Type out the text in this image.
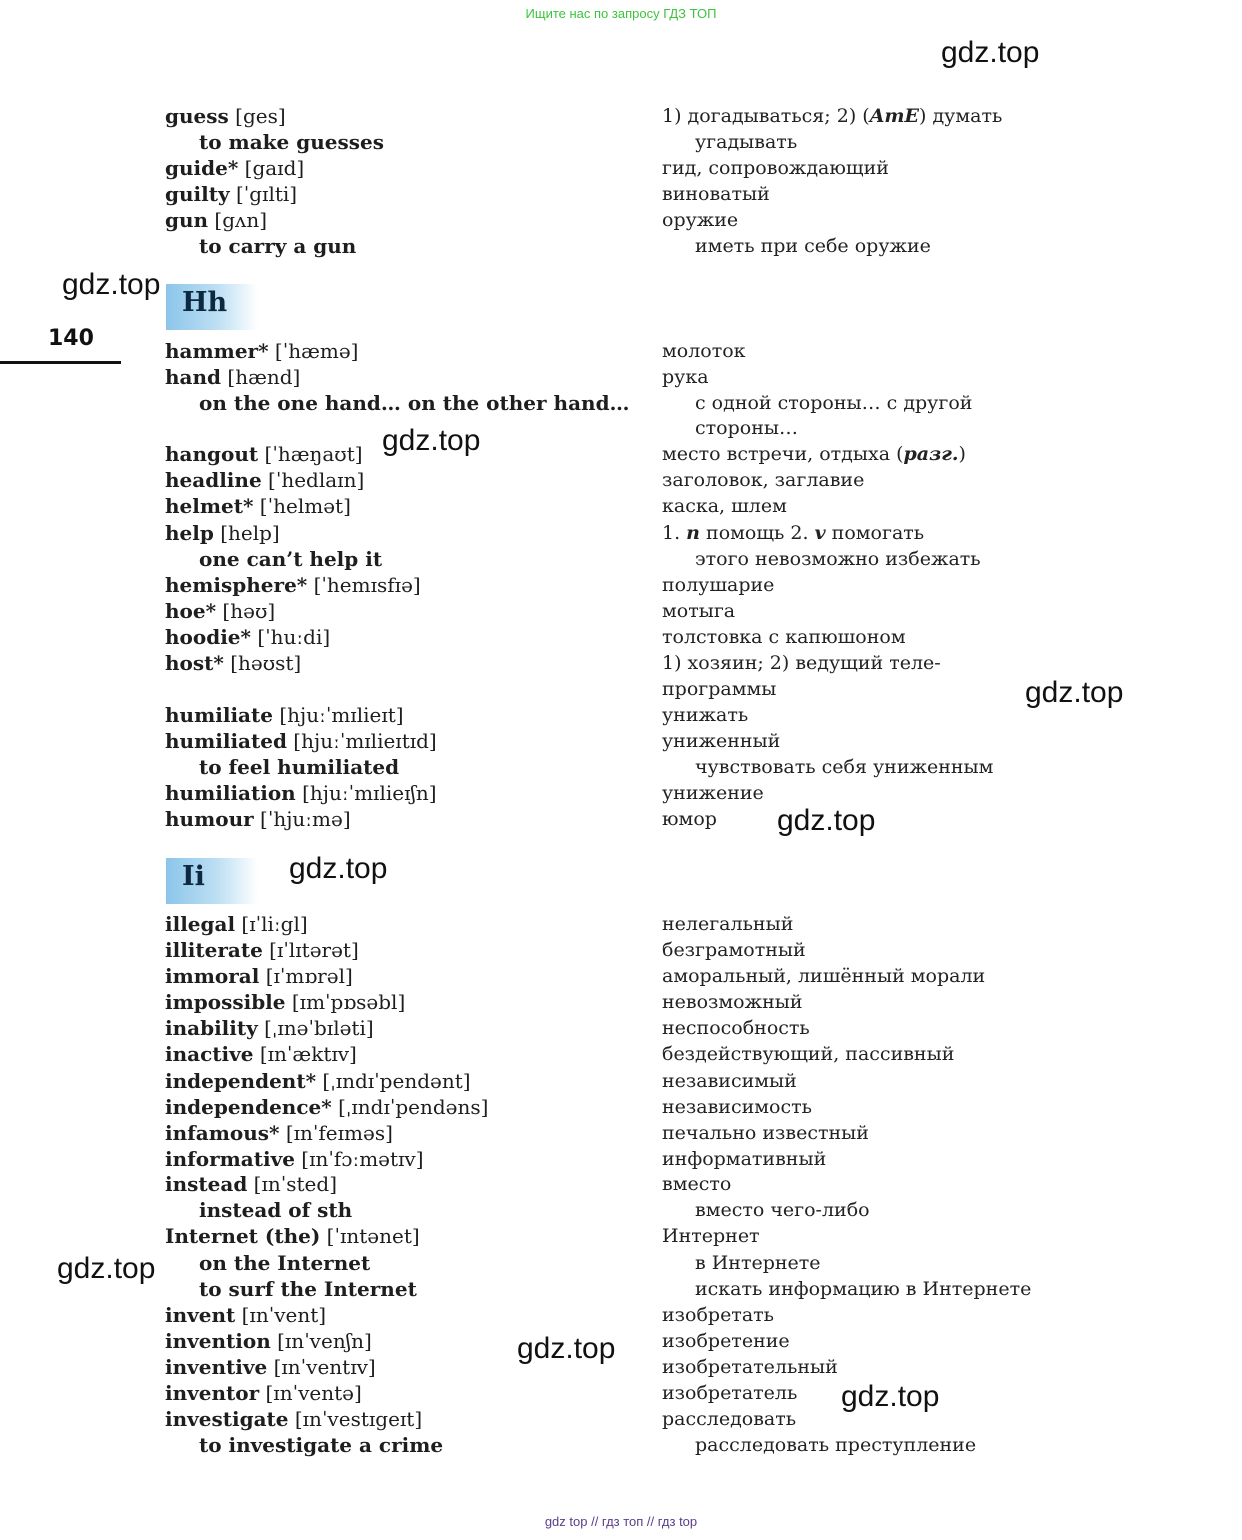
Ищите нас по запросу ГДЗ ТОП
140
Hh
Ii
guess [ges]
to make guesses
guide* [gaɪd]
guilty [ˈgɪlti]
gun [gʌn]
to carry a gun
hammer* [ˈhæmə]
hand [hænd]
on the one hand… on the other hand…
hangout [ˈhæŋaʊt]
headline [ˈhedlaɪn]
helmet* [ˈhelmət]
help [help]
one can’t help it
hemisphere* [ˈhemɪsfɪə]
hoe* [həʊ]
hoodie* [ˈhuːdi]
host* [həʊst]
humiliate [hjuːˈmɪlieɪt]
humiliated [hjuːˈmɪlieɪtɪd]
to feel humiliated
humiliation [hjuːˈmɪlieɪʃn]
humour [ˈhjuːmə]
illegal [ɪˈliːgl]
illiterate [ɪˈlɪtərət]
immoral [ɪˈmɒrəl]
impossible [ɪmˈpɒsəbl]
inability [ˌɪnəˈbɪləti]
inactive [ɪnˈæktɪv]
independent* [ˌɪndɪˈpendənt]
independence* [ˌɪndɪˈpendəns]
infamous* [ɪnˈfeɪməs]
informative [ɪnˈfɔːmətɪv]
instead [ɪnˈsted]
instead of sth
Internet (the) [ˈɪntənet]
on the Internet
to surf the Internet
invent [ɪnˈvent]
invention [ɪnˈvenʃn]
inventive [ɪnˈventɪv]
inventor [ɪnˈventə]
investigate [ɪnˈvestɪgeɪt]
to investigate a crime
1) догадываться; 2) (AmE) думать
угадывать
гид, сопровождающий
виноватый
оружие
иметь при себе оружие
молоток
рука
с одной стороны… с другой
стороны…
место встречи, отдыха (разг.)
заголовок, заглавие
каска, шлем
1. n помощь 2. v помогать
этого невозможно избежать
полушарие
мотыга
толстовка с капюшоном
1) хозяин; 2) ведущий теле-
программы
унижать
униженный
чувствовать себя униженным
унижение
юмор
нелегальный
безграмотный
аморальный, лишённый морали
невозможный
неспособность
бездействующий, пассивный
независимый
независимость
печально известный
информативный
вместо
вместо чего-либо
Интернет
в Интернете
искать информацию в Интернете
изобретать
изобретение
изобретательный
изобретатель
расследовать
расследовать преступление
gdz.top
gdz.top
gdz.top
gdz.top
gdz.top
gdz.top
gdz.top
gdz.top
gdz.top
gdz top // гдз топ // гдз top
